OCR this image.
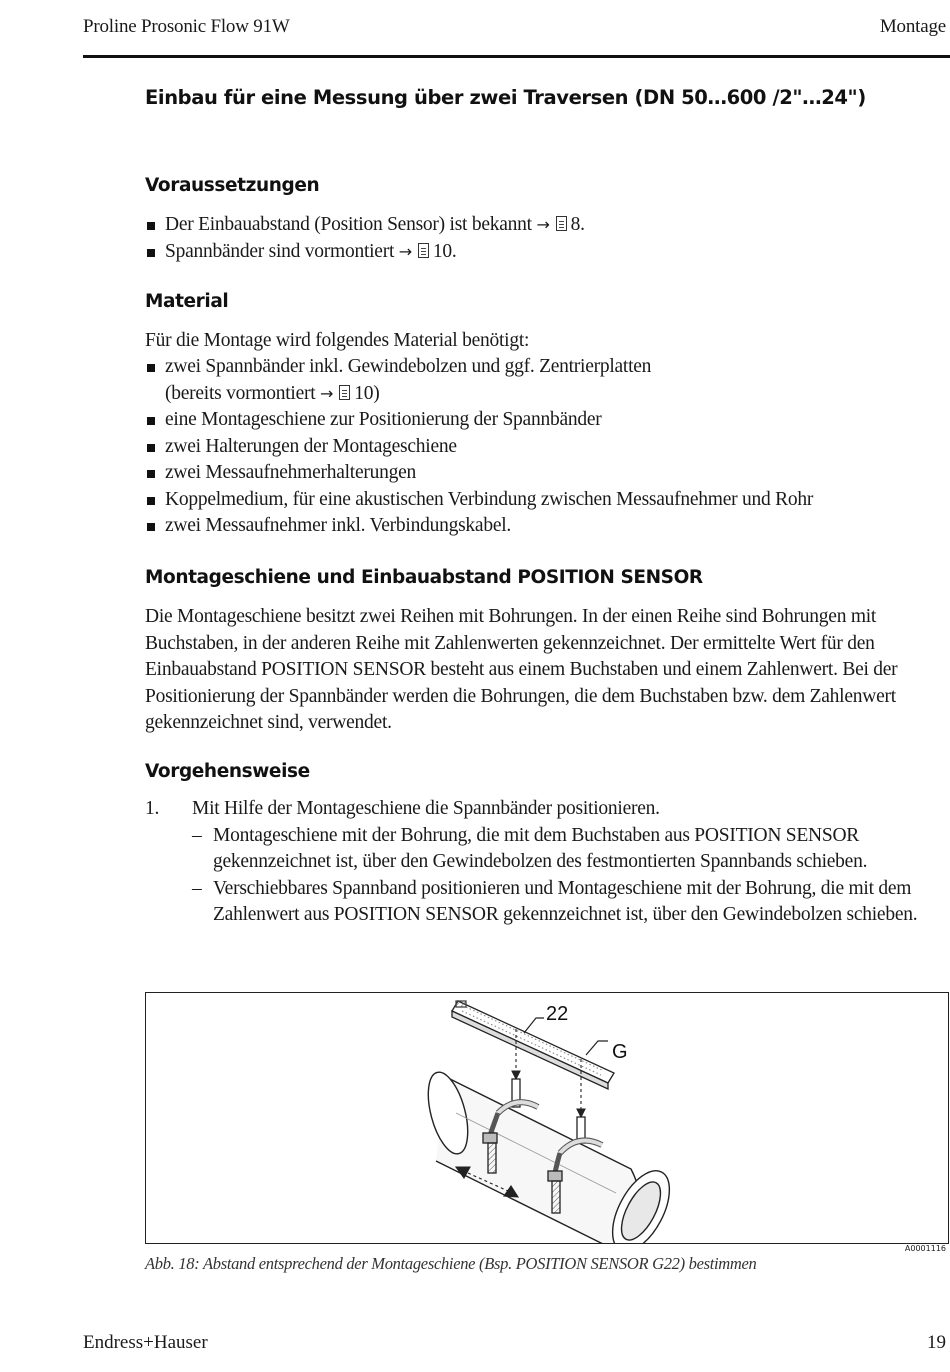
Proline Prosonic Flow 91W	Montage
Einbau für eine Messung über zwei Traversen (DN 50…600 /2"…24")
Voraussetzungen
Der Einbauabstand (Position Sensor) ist bekannt → 8.
Spannbänder sind vormontiert → 10.
Material

Für die Montage wird folgendes Material benötigt:

zwei Spannbänder inkl. Gewindebolzen und ggf. Zentrierplatten
(bereits vormontiert → 10)
eine Montageschiene zur Positionierung der Spannbänder
zwei Halterungen der Montageschiene
zwei Messaufnehmerhalterungen
Koppelmedium, für eine akustischen Verbindung zwischen Messaufnehmer und Rohr
zwei Messaufnehmer inkl. Verbindungskabel.
Montageschiene und Einbauabstand POSITION SENSOR

Die Montageschiene besitzt zwei Reihen mit Bohrungen. In der einen Reihe sind Bohrungen mit Buchstaben, in der anderen Reihe mit Zahlenwerten gekennzeichnet. Der ermittelte Wert für den Einbauabstand POSITION SENSOR besteht aus einem Buchstaben und einem Zahlenwert. Bei der Positionierung der Spannbänder werden die Bohrungen, die dem Buchstaben bzw. dem Zahlenwert gekennzeichnet sind, verwendet.

Vorgehensweise
1. Mit Hilfe der Montageschiene die Spannbänder positionieren.
– Montageschiene mit der Bohrung, die mit dem Buchstaben aus POSITION SENSOR gekennzeichnet ist, über den Gewindebolzen des festmontierten Spannbands schieben.
– Verschiebbares Spannband positionieren und Montageschiene mit der Bohrung, die mit dem Zahlenwert aus POSITION SENSOR gekennzeichnet ist, über den Gewindebolzen schieben.
22
G
A0001116
Abb. 18: Abstand entsprechend der Montageschiene (Bsp. POSITION SENSOR G22) bestimmen
Endress+Hauser	19
